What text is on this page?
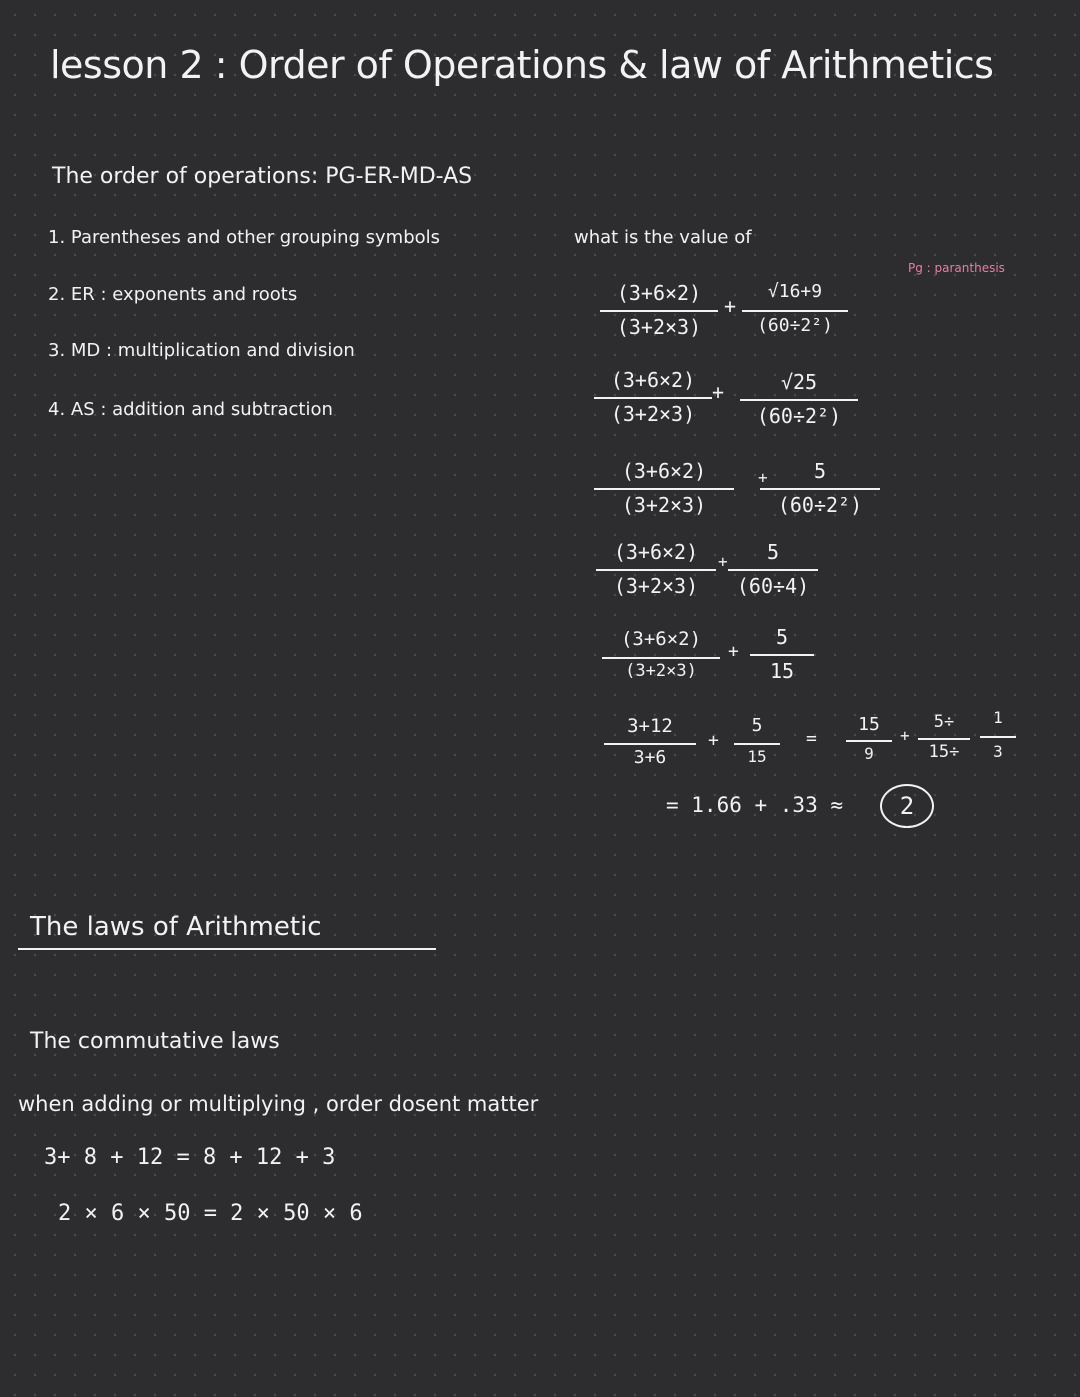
lesson 2 : Order of Operations & law of Arithmetics
The order of operations: PG-ER-MD-AS
1. Parentheses and other grouping symbols
2. ER : exponents and roots
3. MD : multiplication and division
4. AS : addition and subtraction
what is the value of
Pg : paranthesis
(3+6×2)
(3+2×3)
+
√16+9
(60÷2²)
(3+6×2)
(3+2×3)
+	√25
(60÷2²)
(3+6×2)
(3+2×3)
+	5
(60÷2²)
(3+6×2)
(3+2×3)
+	5
(60÷4)
(3+6×2)
(3+2×3)
+
5
15
3+12
3+6
+
5
15
=
15
9
+
5÷
15÷
1
3
= 1.66 + .33 ≈	2
The laws of Arithmetic
The commutative laws
when adding or multiplying , order dosent matter
3+ 8 + 12 = 8 + 12 + 3
2 × 6 × 50 = 2 × 50 × 6
